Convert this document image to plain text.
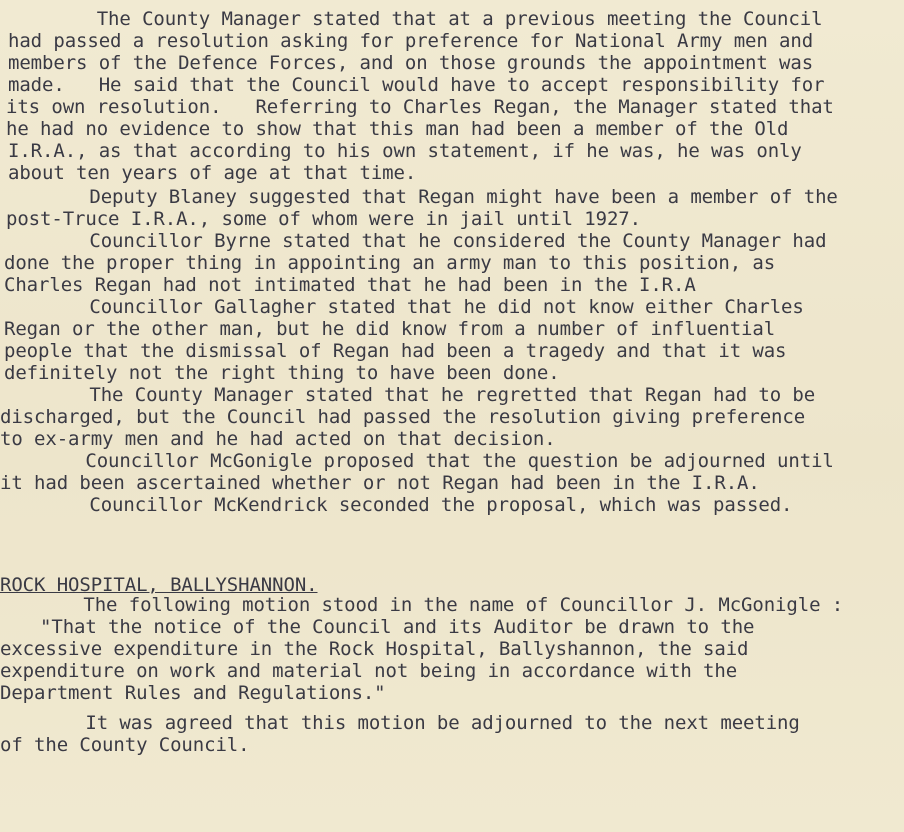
The County Manager stated that at a previous meeting the Council
had passed a resolution asking for preference for National Army men and
members of the Defence Forces, and on those grounds the appointment was
made.   He said that the Council would have to accept responsibility for
its own resolution.   Referring to Charles Regan, the Manager stated that
he had no evidence to show that this man had been a member of the Old
I.R.A., as that according to his own statement, if he was, he was only
about ten years of age at that time.
Deputy Blaney suggested that Regan might have been a member of the
post-Truce I.R.A., some of whom were in jail until 1927.
Councillor Byrne stated that he considered the County Manager had
done the proper thing in appointing an army man to this position, as
Charles Regan had not intimated that he had been in the I.R.A
Councillor Gallagher stated that he did not know either Charles
Regan or the other man, but he did know from a number of influential
people that the dismissal of Regan had been a tragedy and that it was
definitely not the right thing to have been done.
The County Manager stated that he regretted that Regan had to be
discharged, but the Council had passed the resolution giving preference
to ex-army men and he had acted on that decision.
Councillor McGonigle proposed that the question be adjourned until
it had been ascertained whether or not Regan had been in the I.R.A.
Councillor McKendrick seconded the proposal, which was passed.
ROCK HOSPITAL, BALLYSHANNON.
The following motion stood in the name of Councillor J. McGonigle :
"That the notice of the Council and its Auditor be drawn to the
excessive expenditure in the Rock Hospital, Ballyshannon, the said
expenditure on work and material not being in accordance with the
Department Rules and Regulations."
It was agreed that this motion be adjourned to the next meeting
of the County Council.
